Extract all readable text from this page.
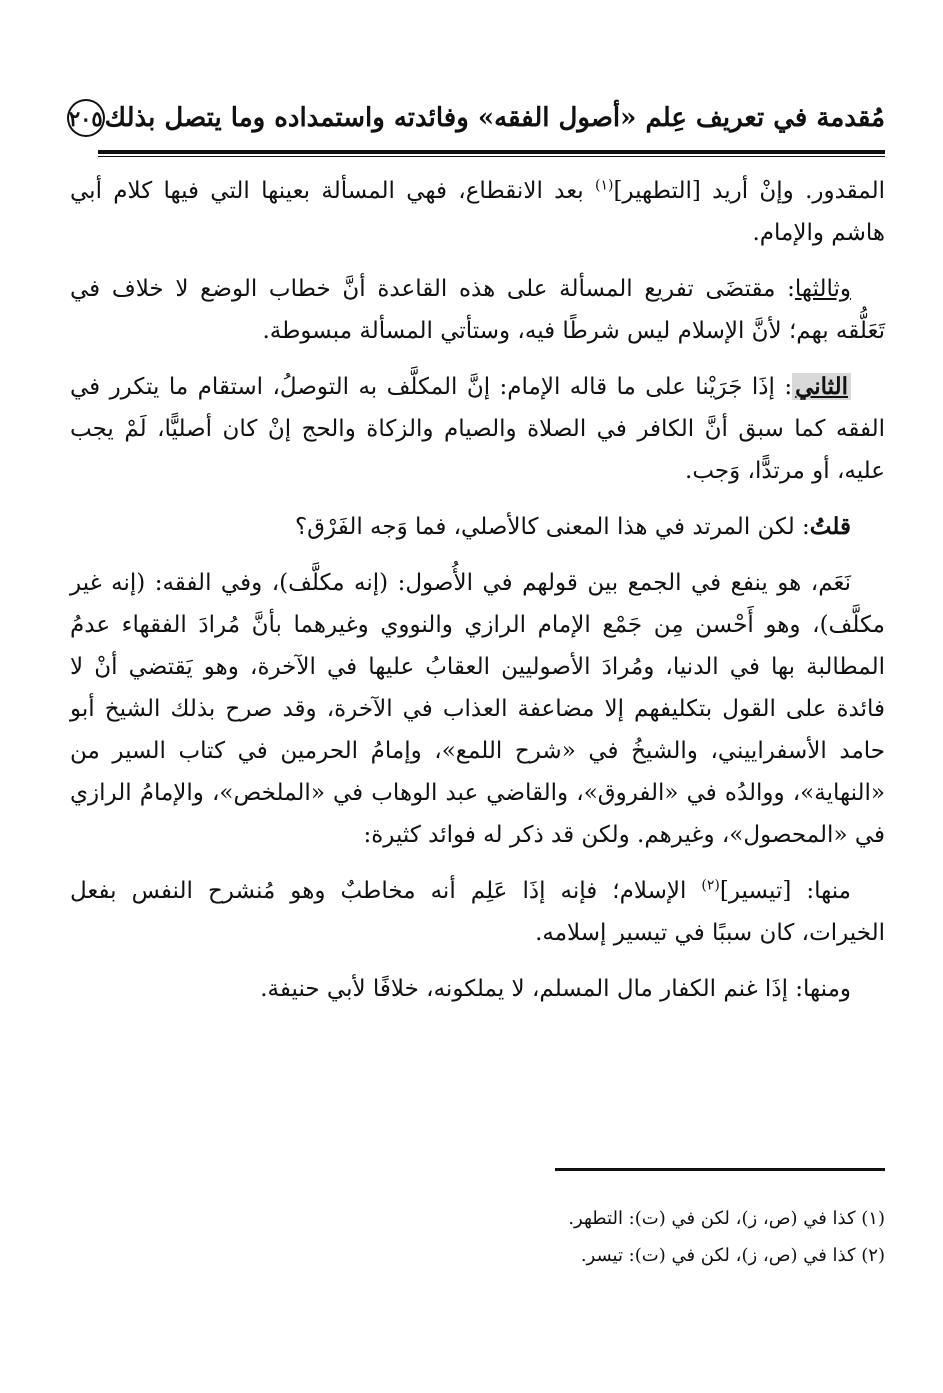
مُقدمة في تعريف عِلم «أصول الفقه» وفائدته واستمداده وما يتصل بذلك
٢٠٥

المقدور. وإنْ أريد [التطهير]$^{(١)}$ بعد الانقطاع، فهي المسألة بعينها التي فيها كلام أبي هاشم والإمام.

وثالثها: مقتضَى تفريع المسألة على هذه القاعدة أنَّ خطاب الوضع لا خلاف في تَعَلُّقه بهم؛ لأنَّ الإسلام ليس شرطًا فيه، وستأتي المسألة مبسوطة.

الثاني: إذَا جَرَيْنا على ما قاله الإمام: إنَّ المكلَّف به التوصلُ، استقام ما يتكرر في الفقه كما سبق أنَّ الكافر في الصلاة والصيام والزكاة والحج إنْ كان أصليًّا، لَمْ يجب عليه، أو مرتدًّا، وَجب.

قلتُ: لكن المرتد في هذا المعنى كالأصلي، فما وَجه الفَرْق؟

نَعَم، هو ينفع في الجمع بين قولهم في الأُصول: (إنه مكلَّف)، وفي الفقه: (إنه غير مكلَّف)، وهو أَحْسن مِن جَمْع الإمام الرازي والنووي وغيرهما بأنَّ مُرادَ الفقهاء عدمُ المطالبة بها في الدنيا، ومُرادَ الأصوليين العقابُ عليها في الآخرة، وهو يَقتضي أنْ لا فائدة على القول بتكليفهم إلا مضاعفة العذاب في الآخرة، وقد صرح بذلك الشيخ أبو حامد الأسفراييني، والشيخُ في «شرح اللمع»، وإمامُ الحرمين في كتاب السير من «النهاية»، ووالدُه في «الفروق»، والقاضي عبد الوهاب في «الملخص»، والإمامُ الرازي في «المحصول»، وغيرهم. ولكن قد ذكر له فوائد كثيرة:

منها: [تيسير]$^{(٢)}$ الإسلام؛ فإنه إذَا عَلِم أنه مخاطبٌ وهو مُنشرح النفس بفعل الخيرات، كان سببًا في تيسير إسلامه.

ومنها: إذَا غنم الكفار مال المسلم، لا يملكونه، خلافًا لأبي حنيفة.

(١) كذا في (ص، ز)، لكن في (ت): التطهر.

(٢) كذا في (ص، ز)، لكن في (ت): تيسر.
